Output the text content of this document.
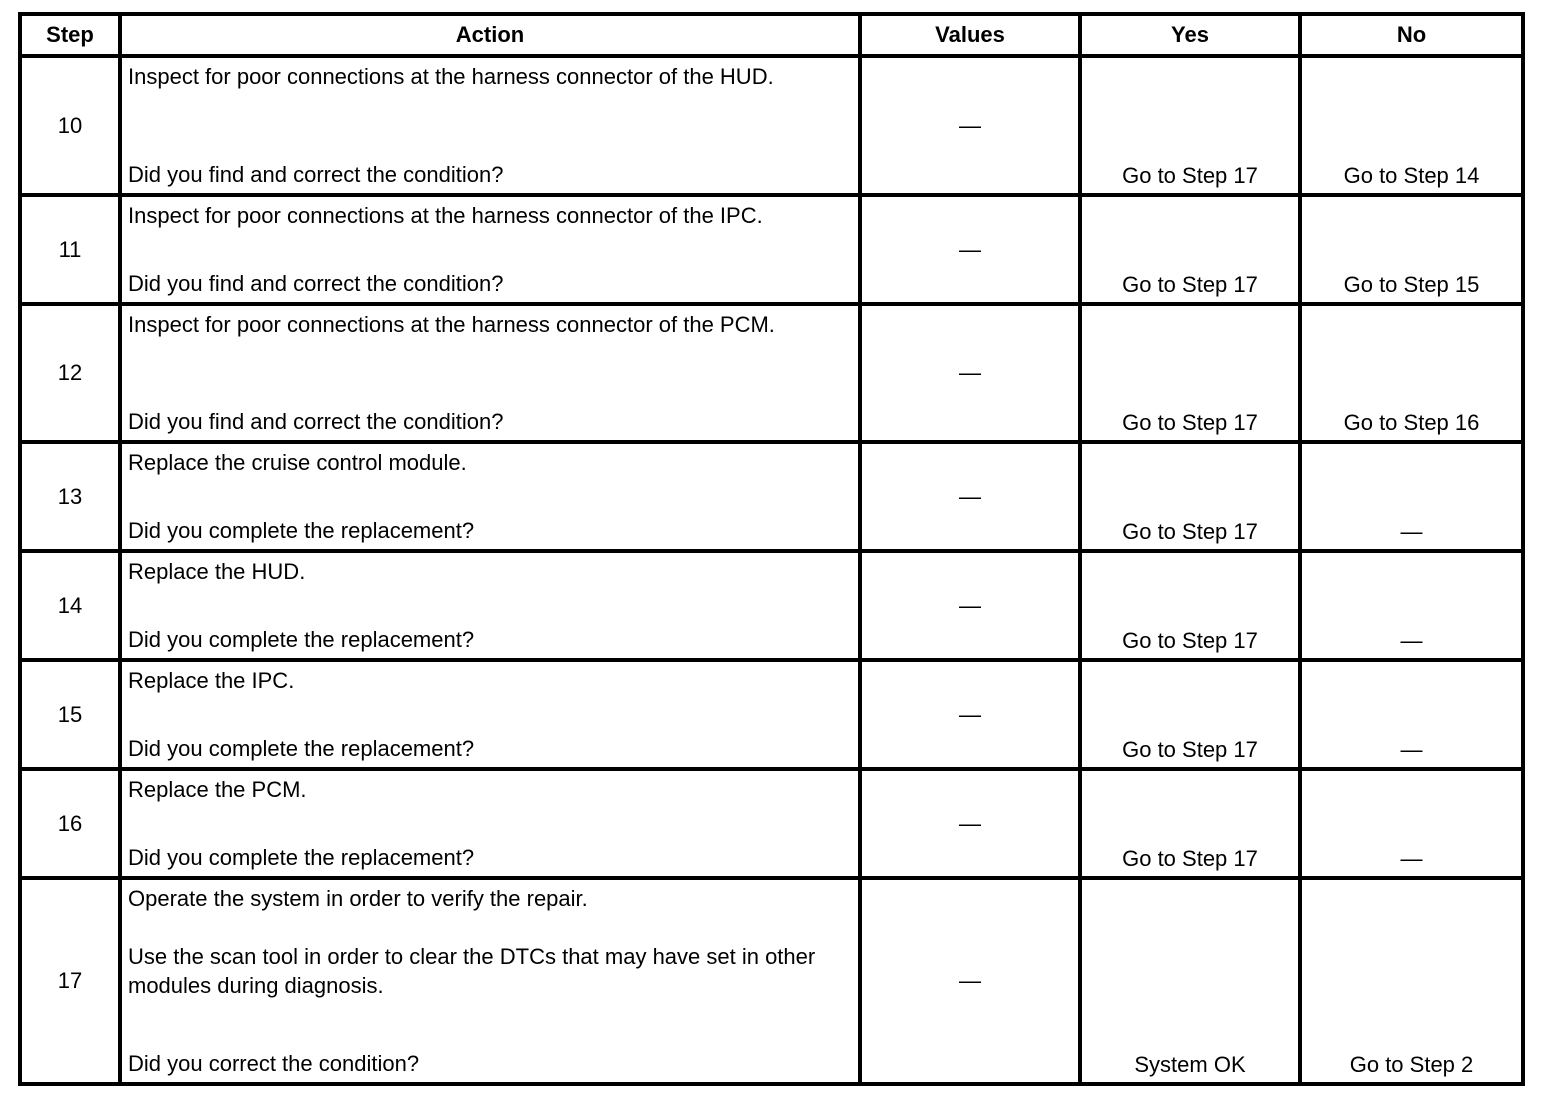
Step	Action	Values	Yes	No
10	Inspect for poor connections at the harness connector of the HUD.
Did you find and correct the condition?	—	Go to Step 17	Go to Step 14

11	Inspect for poor connections at the harness connector of the IPC.
Did you find and correct the condition?	—	Go to Step 17	Go to Step 15

12	Inspect for poor connections at the harness connector of the PCM.
Did you find and correct the condition?	—	Go to Step 17	Go to Step 16

13	Replace the cruise control module.
Did you complete the replacement?	—	Go to Step 17	—

14	Replace the HUD.
Did you complete the replacement?	—	Go to Step 17	—

15	Replace the IPC.
Did you complete the replacement?	—	Go to Step 17	—

16	Replace the PCM.
Did you complete the replacement?	—	Go to Step 17	—

17	Operate the system in order to verify the repair.
Use the scan tool in order to clear the DTCs that may have set in other modules during diagnosis.
Did you correct the condition?	—	System OK	Go to Step 2
